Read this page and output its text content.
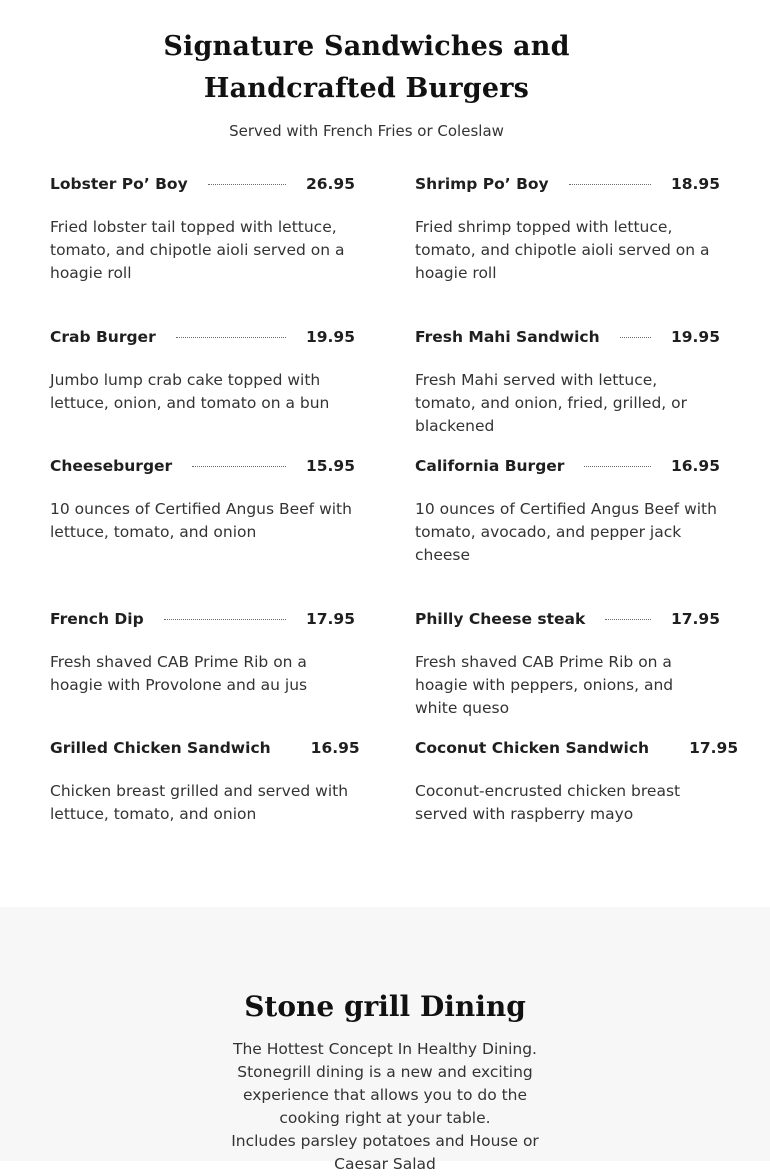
Signature Sandwiches and
Handcrafted Burgers
Served with French Fries or Coleslaw
Lobster Po’ Boy	26.95
Fried lobster tail topped with lettuce, tomato, and chipotle aioli served on a hoagie roll
Shrimp Po’ Boy	18.95
Fried shrimp topped with lettuce, tomato, and chipotle aioli served on a hoagie roll
Crab Burger	19.95
Jumbo lump crab cake topped with lettuce, onion, and tomato on a bun
Fresh Mahi Sandwich	19.95
Fresh Mahi served with lettuce, tomato, and onion, fried, grilled, or blackened
Cheeseburger	15.95
10 ounces of Certified Angus Beef with lettuce, tomato, and onion
California Burger	16.95
10 ounces of Certified Angus Beef with tomato, avocado, and pepper jack cheese
French Dip	17.95
Fresh shaved CAB Prime Rib on a hoagie with Provolone and au jus
Philly Cheese steak	17.95
Fresh shaved CAB Prime Rib on a hoagie with peppers, onions, and white queso
Grilled Chicken Sandwich	16.95
Chicken breast grilled and served with lettuce, tomato, and onion
Coconut Chicken Sandwich	17.95
Coconut-encrusted chicken breast served with raspberry mayo
Stone grill Dining
The Hottest Concept In Healthy Dining.
Stonegrill dining is a new and exciting experience that allows you to do the cooking right at your table.
Includes parsley potatoes and House or Caesar Salad
